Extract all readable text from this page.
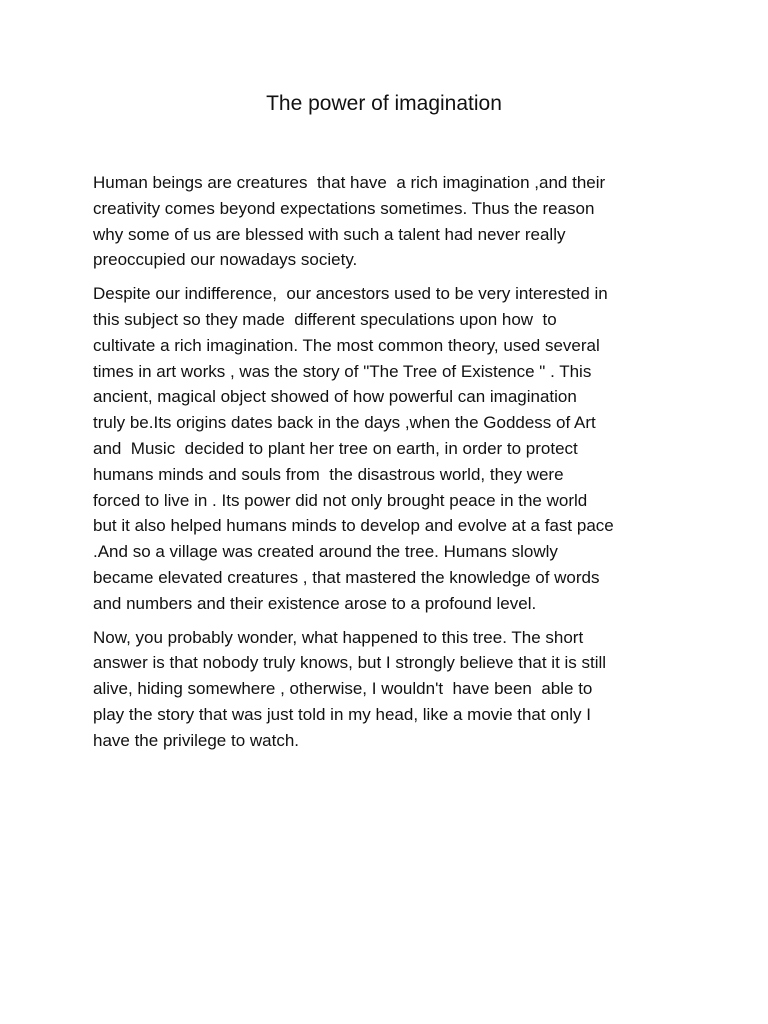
The power of imagination

Human beings are creatures  that have  a rich imagination ,and their
creativity comes beyond expectations sometimes. Thus the reason
why some of us are blessed with such a talent had never really
preoccupied our nowadays society.

Despite our indifference,  our ancestors used to be very interested in
this subject so they made  different speculations upon how  to
cultivate a rich imagination. The most common theory, used several
times in art works , was the story of "The Tree of Existence " . This
ancient, magical object showed of how powerful can imagination
truly be.Its origins dates back in the days ,when the Goddess of Art
and  Music  decided to plant her tree on earth, in order to protect
humans minds and souls from  the disastrous world, they were
forced to live in . Its power did not only brought peace in the world
but it also helped humans minds to develop and evolve at a fast pace
.And so a village was created around the tree. Humans slowly
became elevated creatures , that mastered the knowledge of words
and numbers and their existence arose to a profound level.

Now, you probably wonder, what happened to this tree. The short
answer is that nobody truly knows, but I strongly believe that it is still
alive, hiding somewhere , otherwise, I wouldn't  have been  able to
play the story that was just told in my head, like a movie that only I
have the privilege to watch.
